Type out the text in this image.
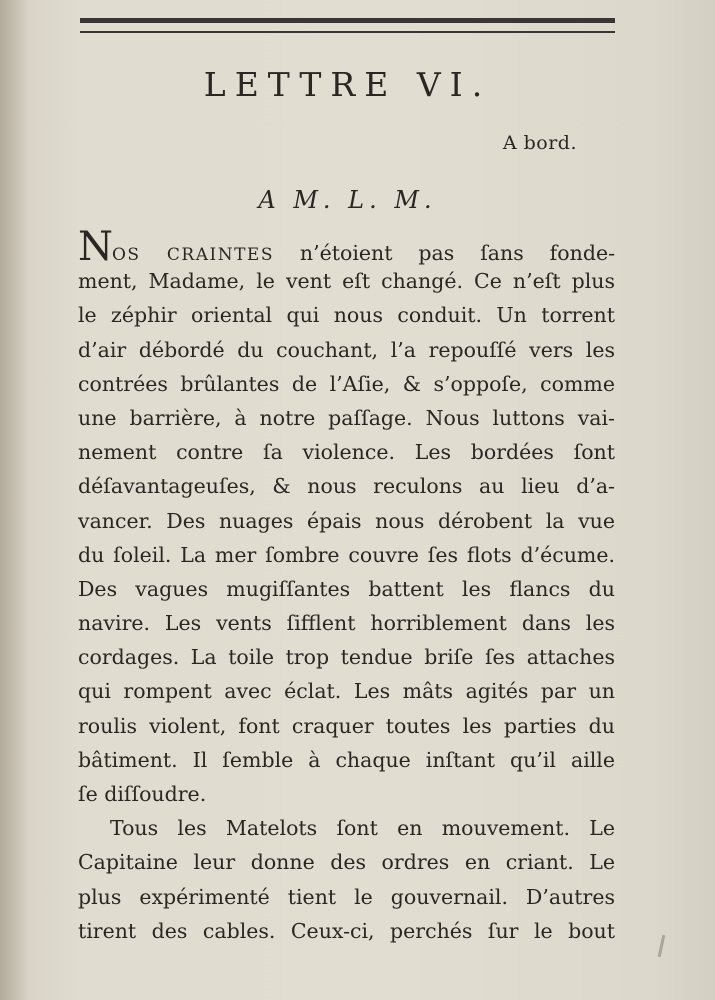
LETTRE VI.
A bord.
A M. L. M.
NOS CRAINTES n’étoient pas ſans fonde-
ment, Madame, le vent eſt changé. Ce n’eſt plus
le zéphir oriental qui nous conduit. Un torrent
d’air débordé du couchant, l’a repouſſé vers les
contrées brûlantes de l’Aſie, & s’oppoſe, comme
une barrière, à notre paſſage. Nous luttons vai-
nement contre ſa violence. Les bordées ſont
déſavantageuſes, & nous reculons au lieu d’a-
vancer. Des nuages épais nous dérobent la vue
du ſoleil. La mer ſombre couvre ſes flots d’écume.
Des vagues mugiſſantes battent les flancs du
navire. Les vents ſifflent horriblement dans les
cordages. La toile trop tendue briſe ſes attaches
qui rompent avec éclat. Les mâts agités par un
roulis violent, font craquer toutes les parties du
bâtiment. Il ſemble à chaque inſtant qu’il aille
ſe diſſoudre.
Tous les Matelots ſont en mouvement. Le
Capitaine leur donne des ordres en criant. Le
plus expérimenté tient le gouvernail. D’autres
tirent des cables. Ceux-ci, perchés ſur le bout
